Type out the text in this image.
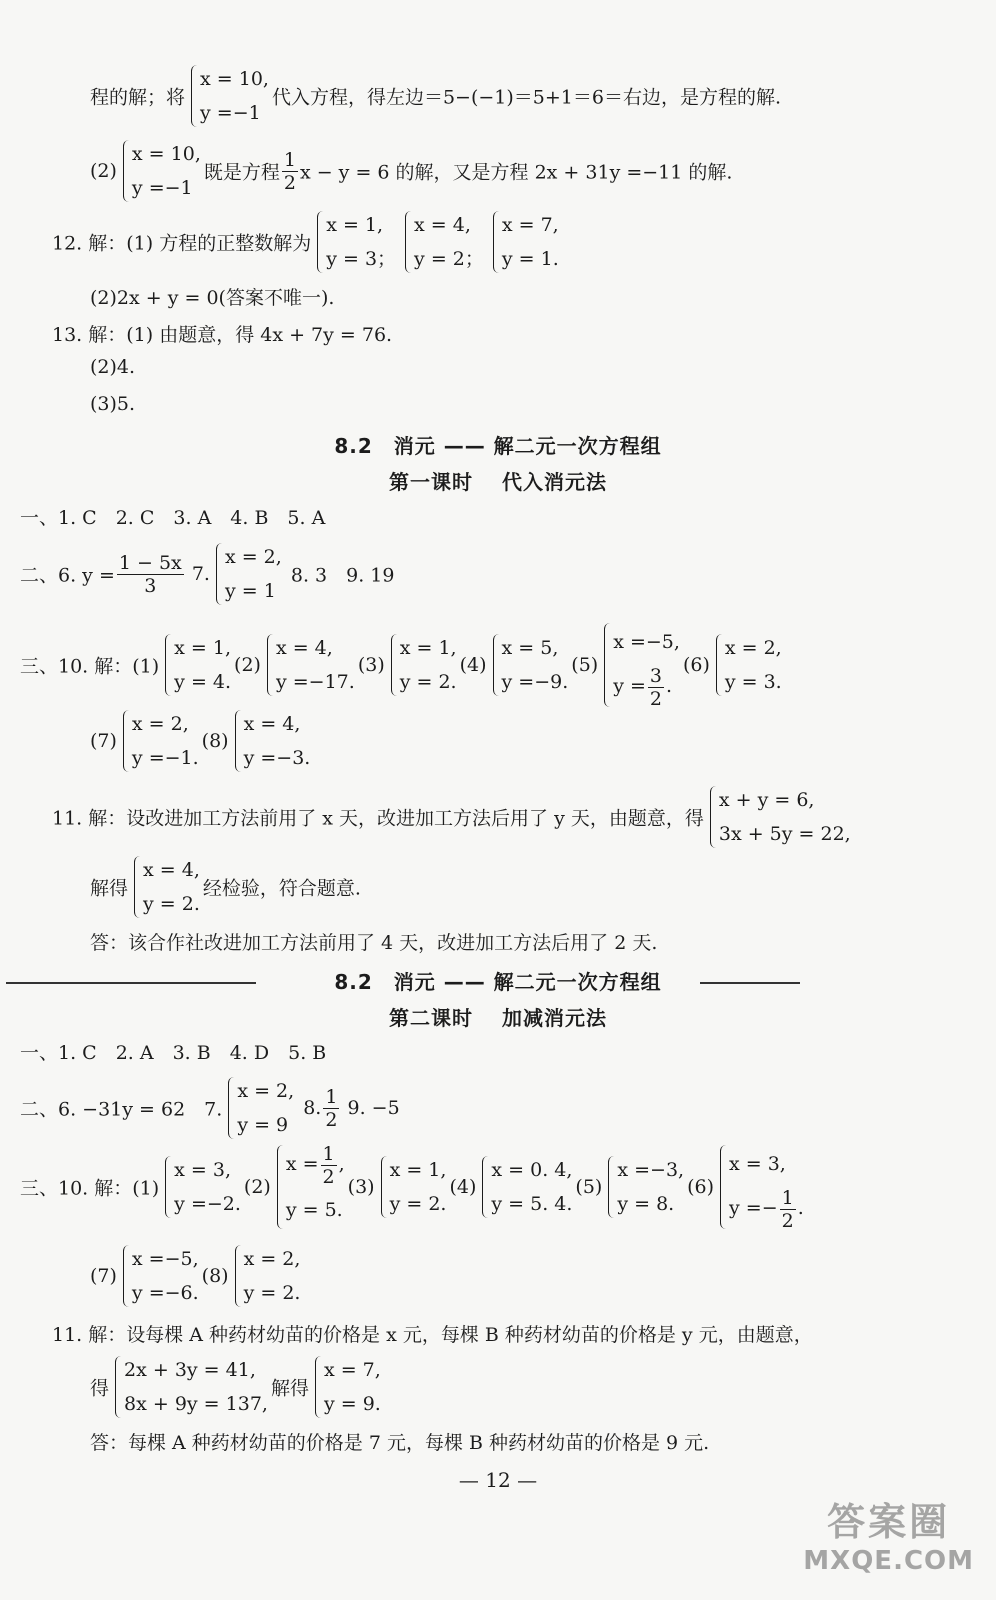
程的解；将
x = 10,
y =−1
代入方程，得左边＝5−(−1)＝5+1＝6＝右边，是方程的解.
(2)
x = 10,
y =−1
既是方程 $\frac{1}{2}$ x − y = 6 的解，又是方程 2x + 31y =−11 的解.
12. 解：(1) 方程的正整数解为
x = 1,
y = 3；
x = 4,
y = 2；
x = 7,
y = 1.
(2)2x + y = 0(答案不唯一).
13. 解：(1) 由题意，得 4x + 7y = 76.
(2)4.
(3)5.
8.2　消元 —— 解二元一次方程组
第一课时　 代入消元法
一、1. C　2. C　3. A　4. B　5. A
二、6. $y = \frac{1 - 5x}{3} 7$.
x = 2,
y = 1
8. 3　9. 19
三、10. 解：(1)
x = 1,
y = 4.
(2)
x = 4,
y =−17.
(3)
x = 1,
y = 2.
(4)
x = 5,
y =−9.
(5)
x =−5,
$y = \frac{3}{2}$ .
(6)
x = 2,
y = 3.
(7)
x = 2,
y =−1.
(8)
x = 4,
y =−3.
11. 解：设改进加工方法前用了 x 天，改进加工方法后用了 y 天，由题意，得
x + y = 6,
3x + 5y = 22,
解得
x = 4,
y = 2.
经检验，符合题意.
答：该合作社改进加工方法前用了 4 天，改进加工方法后用了 2 天.
8.2　消元 —— 解二元一次方程组
第二课时　 加减消元法
一、1. C　2. A　3. B　4. D　5. B
二、6. −31y = 62　7.
x = 2,
y = 9
8. $\frac{1}{2} 9$. −5
三、10. 解：(1)
x = 3,
y =−2.
(2)
$x = \frac{1}{2}$ ,
y = 5.
(3)
x = 1,
y = 2.
(4)
x = 0. 4,
y = 5. 4.
(5)
x =−3,
y = 8.
(6)
x = 3,
$y =- \frac{1}{2}$ .
(7)
x =−5,
y =−6.
(8)
x = 2,
y = 2.
11. 解：设每棵 A 种药材幼苗的价格是 x 元，每棵 B 种药材幼苗的价格是 y 元，由题意，
得
2x + 3y = 41,
8x + 9y = 137,
解得
x = 7,
y = 9.
答：每棵 A 种药材幼苗的价格是 7 元，每棵 B 种药材幼苗的价格是 9 元.
— 12 —
答案圈
MXQE.COM
